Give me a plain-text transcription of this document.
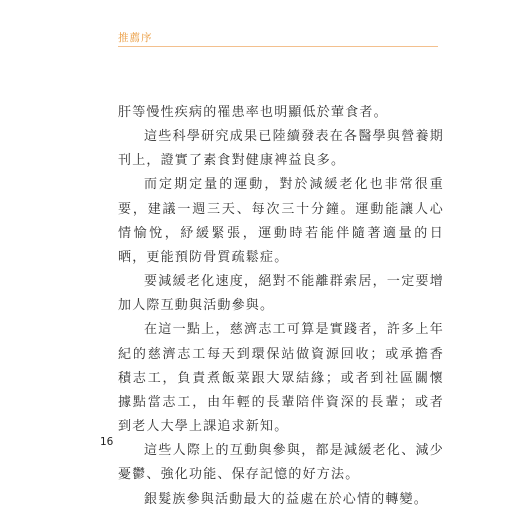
推薦序

肝等慢性疾病的罹患率也明顯低於葷食者。

這些科學研究成果已陸續發表在各醫學與營養期刊上，證實了素食對健康裨益良多。

而定期定量的運動，對於減緩老化也非常很重要，建議一週三天、每次三十分鐘。運動能讓人心情愉悅，紓緩緊張，運動時若能伴隨著適量的日晒，更能預防骨質疏鬆症。

要減緩老化速度，絕對不能離群索居，一定要增加人際互動與活動參與。

在這一點上，慈濟志工可算是實踐者，許多上年紀的慈濟志工每天到環保站做資源回收；或承擔香積志工，負責煮飯菜跟大眾結緣；或者到社區關懷據點當志工，由年輕的長輩陪伴資深的長輩；或者到老人大學上課追求新知。

這些人際上的互動與參與，都是減緩老化、減少憂鬱、強化功能、保存記憶的好方法。

銀髮族參與活動最大的益處在於心情的轉變。

16
